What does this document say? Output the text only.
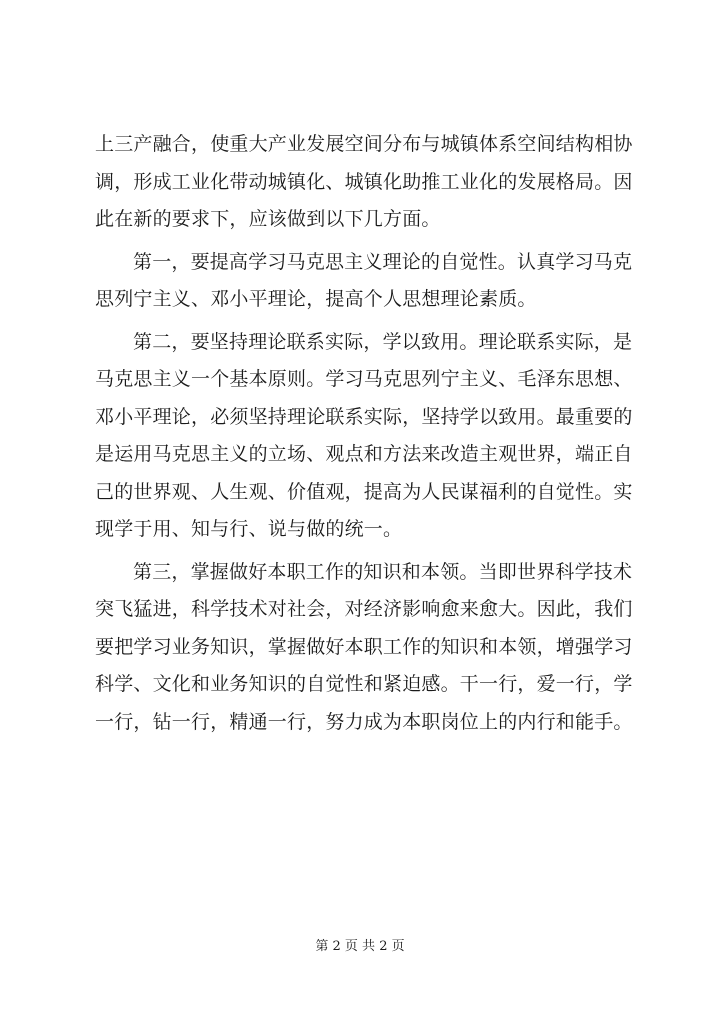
上三产融合，使重大产业发展空间分布与城镇体系空间结构相协
调，形成工业化带动城镇化、城镇化助推工业化的发展格局。因
此在新的要求下，应该做到以下几方面。
第一，要提高学习马克思主义理论的自觉性。认真学习马克
思列宁主义、邓小平理论，提高个人思想理论素质。
第二，要坚持理论联系实际，学以致用。理论联系实际，是
马克思主义一个基本原则。学习马克思列宁主义、毛泽东思想、
邓小平理论，必须坚持理论联系实际，坚持学以致用。最重要的
是运用马克思主义的立场、观点和方法来改造主观世界，端正自
己的世界观、人生观、价值观，提高为人民谋福利的自觉性。实
现学于用、知与行、说与做的统一。
第三，掌握做好本职工作的知识和本领。当即世界科学技术
突飞猛进，科学技术对社会，对经济影响愈来愈大。因此，我们
要把学习业务知识，掌握做好本职工作的知识和本领，增强学习
科学、文化和业务知识的自觉性和紧迫感。干一行，爱一行，学
一行，钻一行，精通一行，努力成为本职岗位上的内行和能手。
第 2 页 共 2 页
